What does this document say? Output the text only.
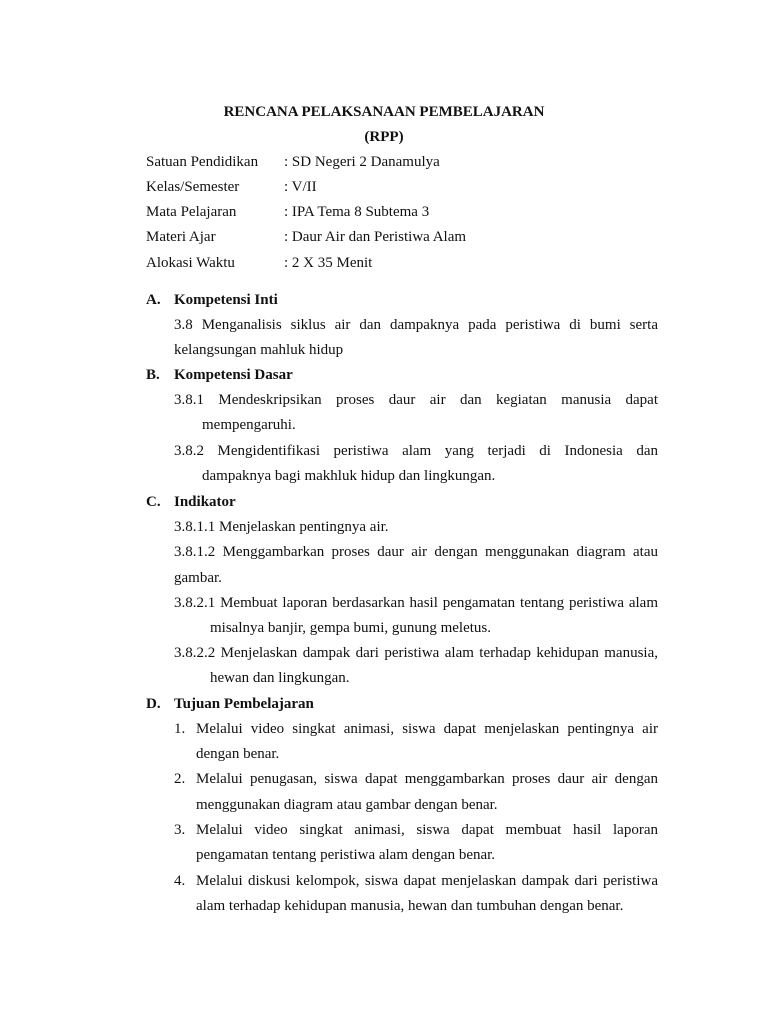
RENCANA PELAKSANAAN PEMBELAJARAN
(RPP)
Satuan Pendidikan : SD Negeri 2 Danamulya
Kelas/Semester	: V/II
Mata Pelajaran	: IPA Tema 8 Subtema 3
Materi Ajar	: Daur Air dan Peristiwa Alam
Alokasi Waktu	: 2 X 35 Menit
A. Kompetensi Inti
3.8 Menganalisis siklus air dan dampaknya pada peristiwa di bumi serta
kelangsungan mahluk hidup
B. Kompetensi Dasar
3.8.1 Mendeskripsikan proses daur air dan kegiatan manusia dapat
mempengaruhi.
3.8.2 Mengidentifikasi peristiwa alam yang terjadi di Indonesia dan
dampaknya bagi makhluk hidup dan lingkungan.
C. Indikator
3.8.1.1 Menjelaskan pentingnya air.
3.8.1.2 Menggambarkan proses daur air dengan menggunakan diagram atau
gambar.
3.8.2.1 Membuat laporan berdasarkan hasil pengamatan tentang peristiwa alam
misalnya banjir, gempa bumi, gunung meletus.
3.8.2.2 Menjelaskan dampak dari peristiwa alam terhadap kehidupan manusia,
hewan dan lingkungan.
D. Tujuan Pembelajaran
1. Melalui video singkat animasi, siswa dapat menjelaskan pentingnya air
dengan benar.
2. Melalui penugasan, siswa dapat menggambarkan proses daur air dengan
menggunakan diagram atau gambar dengan benar.
3. Melalui video singkat animasi, siswa dapat membuat hasil laporan
pengamatan tentang peristiwa alam dengan benar.
4. Melalui diskusi kelompok, siswa dapat menjelaskan dampak dari peristiwa
alam terhadap kehidupan manusia, hewan dan tumbuhan dengan benar.
